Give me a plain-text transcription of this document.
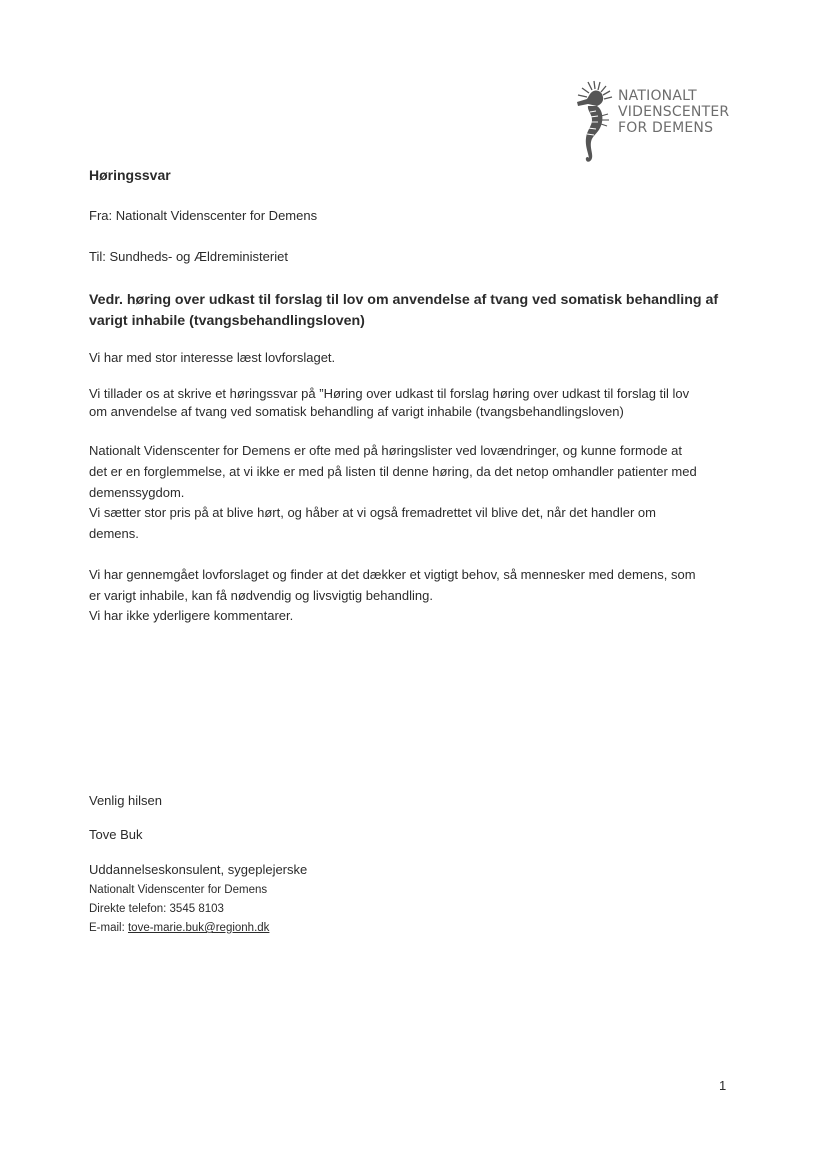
NATIONALT
VIDENSCENTER
FOR DEMENS
Høringssvar
Fra: Nationalt Videnscenter for Demens
Til: Sundheds- og Ældreministeriet
Vedr. høring over udkast til forslag til lov om anvendelse af tvang ved somatisk behandling af
varigt inhabile (tvangsbehandlingsloven)
Vi har med stor interesse læst lovforslaget.
Vi tillader os at skrive et høringssvar på ”Høring over udkast til forslag høring over udkast til forslag til lov
om anvendelse af tvang ved somatisk behandling af varigt inhabile (tvangsbehandlingsloven)
Nationalt Videnscenter for Demens er ofte med på høringslister ved lovændringer, og kunne formode at
det er en forglemmelse, at vi ikke er med på listen til denne høring, da det netop omhandler patienter med
demenssygdom.
Vi sætter stor pris på at blive hørt, og håber at vi også fremadrettet vil blive det, når det handler om
demens.
Vi har gennemgået lovforslaget og finder at det dækker et vigtigt behov, så mennesker med demens, som
er varigt inhabile, kan få nødvendig og livsvigtig behandling.
Vi har ikke yderligere kommentarer.
Venlig hilsen
Tove Buk
Uddannelseskonsulent, sygeplejerske
Nationalt Videnscenter for Demens
Direkte telefon: 3545 8103
E-mail: tove-marie.buk@regionh.dk
1
